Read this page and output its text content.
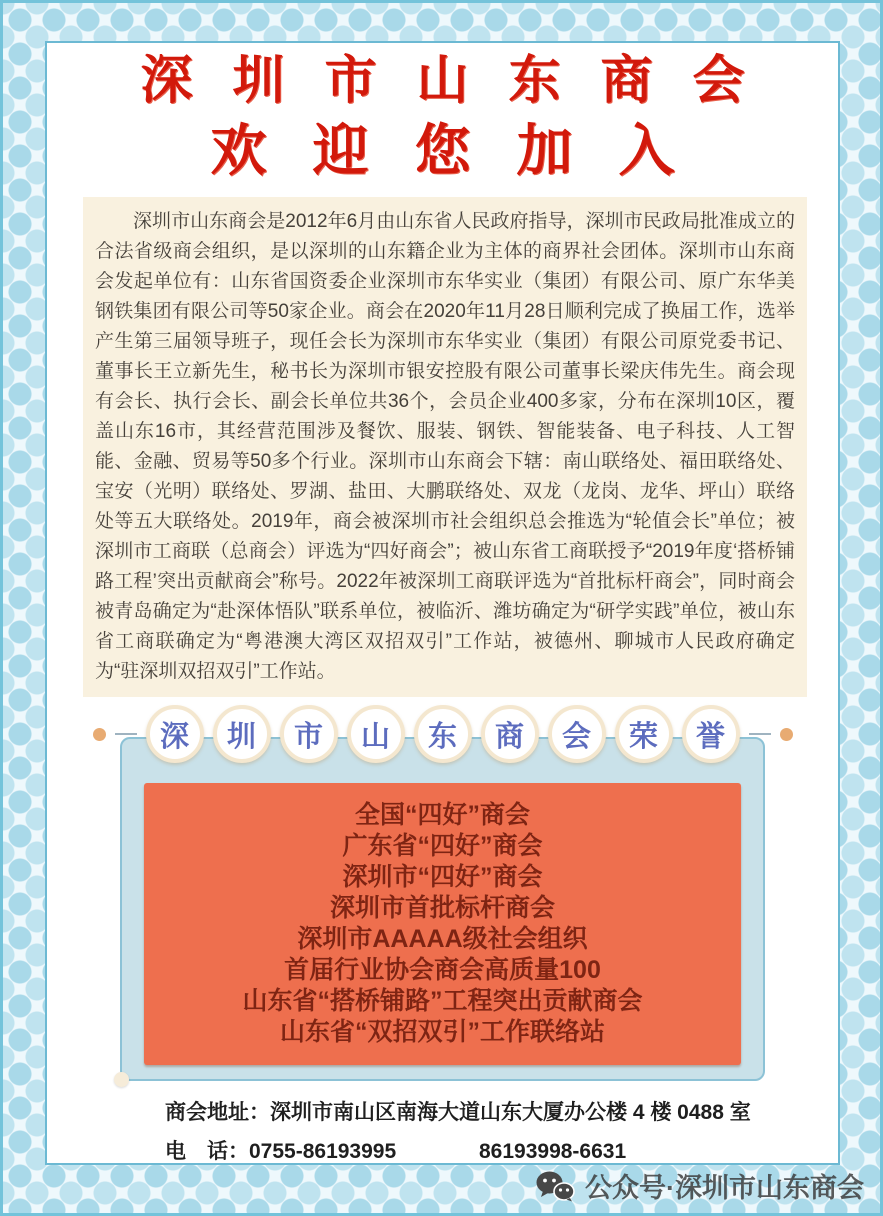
深圳市山东商会
欢迎您加入
深圳市山东商会是2012年6月由山东省人民政府指导，深圳市民政局批准成立的合法省级商会组织，是以深圳的山东籍企业为主体的商界社会团体。深圳市山东商会发起单位有：山东省国资委企业深圳市东华实业（集团）有限公司、原广东华美钢铁集团有限公司等50家企业。商会在2020年11月28日顺利完成了换届工作，选举产生第三届领导班子，现任会长为深圳市东华实业（集团）有限公司原党委书记、董事长王立新先生，秘书长为深圳市银安控股有限公司董事长梁庆伟先生。商会现有会长、执行会长、副会长单位共36个，会员企业400多家，分布在深圳10区，覆盖山东16市，其经营范围涉及餐饮、服装、钢铁、智能装备、电子科技、人工智能、金融、贸易等50多个行业。深圳市山东商会下辖：南山联络处、福田联络处、宝安（光明）联络处、罗湖、盐田、大鹏联络处、双龙（龙岗、龙华、坪山）联络处等五大联络处。2019年，商会被深圳市社会组织总会推选为“轮值会长”单位；被深圳市工商联（总商会）评选为“四好商会”；被山东省工商联授予“2019年度‘搭桥铺路工程’突出贡献商会”称号。2022年被深圳工商联评选为“首批标杆商会”，同时商会被青岛确定为“赴深体悟队”联系单位，被临沂、潍坊确定为“研学实践”单位，被山东省工商联确定为“粤港澳大湾区双招双引”工作站，被德州、聊城市人民政府确定为“驻深圳双招双引”工作站。
深	圳	市	山	东	商	会	荣	誉
全国“四好”商会
广东省“四好”商会
深圳市“四好”商会
深圳市首批标杆商会
深圳市AAAAA级社会组织
首届行业协会商会高质量100
山东省“搭桥铺路”工程突出贡献商会
山东省“双招双引”工作联络站
商会地址：深圳市南山区南海大道山东大厦办公楼 4 楼 0488 室
电　话：0755-86193995	86193998-6631
公众号·深圳市山东商会
